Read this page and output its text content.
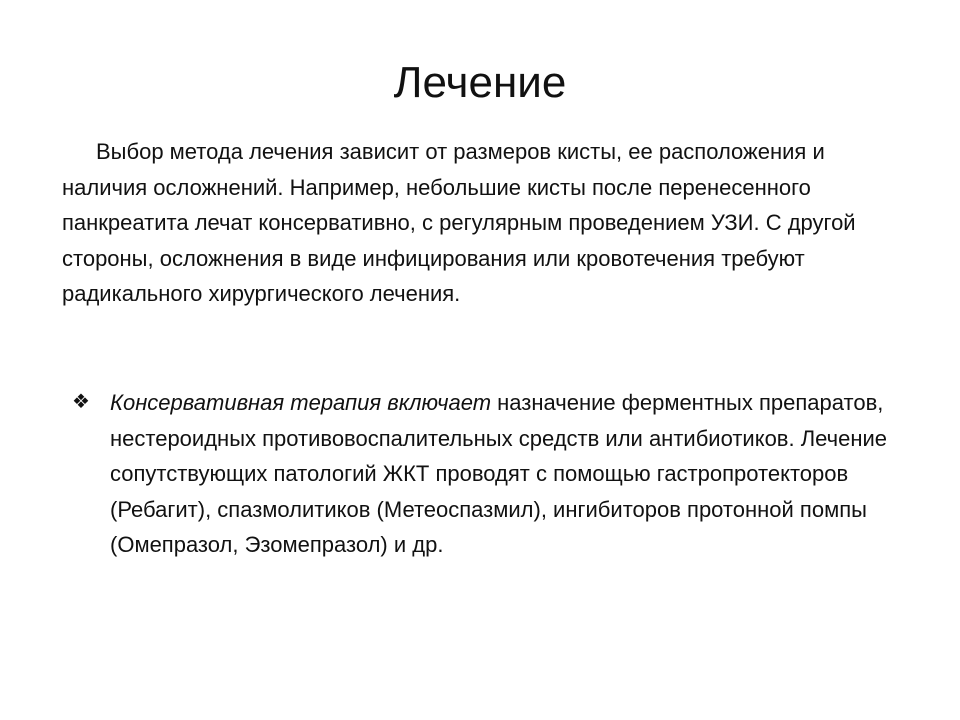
Лечение

Выбор метода лечения зависит от размеров кисты, ее расположения и наличия осложнений. Например, небольшие кисты после перенесенного панкреатита лечат консервативно, с регулярным проведением УЗИ. С другой стороны, осложнения в виде инфицирования или кровотечения требуют радикального хирургического лечения.

❖ Консервативная терапия включает назначение ферментных препаратов, нестероидных противовоспалительных средств или антибиотиков. Лечение сопутствующих патологий ЖКТ проводят с помощью гастропротекторов (Ребагит), спазмолитиков (Метеоспазмил), ингибиторов протонной помпы (Омепразол, Эзомепразол) и др.
